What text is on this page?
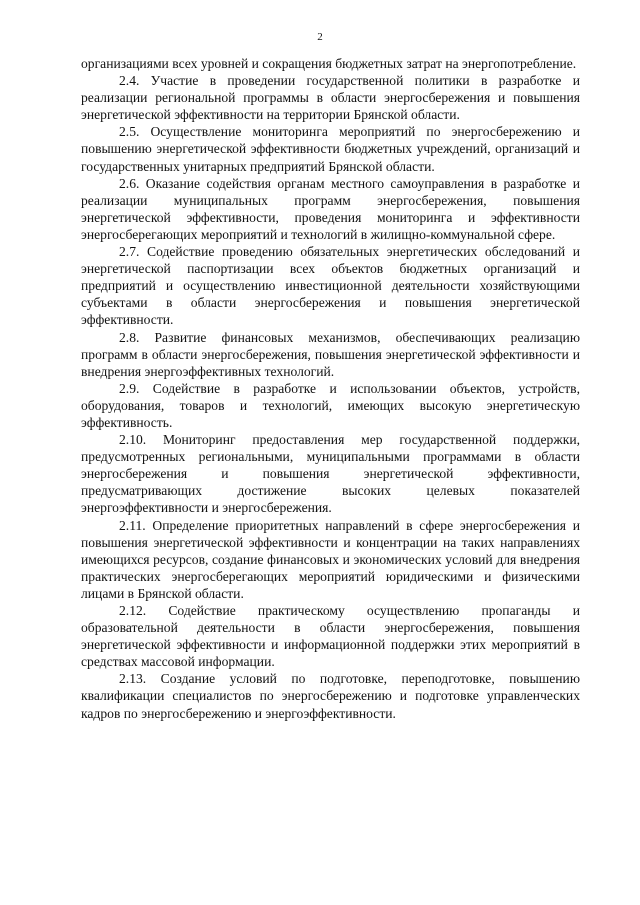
2

организациями всех уровней и сокращения бюджетных затрат на энергопотребление.

2.4. Участие в проведении государственной политики в разработке и реализации региональной программы в области энергосбережения и повышения энергетической эффективности на территории Брянской области.

2.5. Осуществление мониторинга мероприятий по энергосбережению и повышению энергетической эффективности бюджетных учреждений, организаций и государственных унитарных предприятий Брянской области.

2.6. Оказание содействия органам местного самоуправления в разработке и реализации муниципальных программ энергосбережения, повышения энергетической эффективности, проведения мониторинга и эффективности энергосберегающих мероприятий и технологий в жилищно-коммунальной сфере.

2.7. Содействие проведению обязательных энергетических обследований и энергетической паспортизации всех объектов бюджетных организаций и предприятий и осуществлению инвестиционной деятельности хозяйствующими субъектами в области энергосбережения и повышения энергетической эффективности.

2.8. Развитие финансовых механизмов, обеспечивающих реализацию программ в области энергосбережения, повышения энергетической эффективности и внедрения энергоэффективных технологий.

2.9. Содействие в разработке и использовании объектов, устройств, оборудования, товаров и технологий, имеющих высокую энергетическую эффективность.

2.10. Мониторинг предоставления мер государственной поддержки, предусмотренных региональными, муниципальными программами в области энергосбережения и повышения энергетической эффективности, предусматривающих достижение высоких целевых показателей энергоэффективности и энергосбережения.

2.11. Определение приоритетных направлений в сфере энергосбережения и повышения энергетической эффективности и концентрации на таких направлениях имеющихся ресурсов, создание финансовых и экономических условий для внедрения практических энергосберегающих мероприятий юридическими и физическими лицами в Брянской области.

2.12. Содействие практическому осуществлению пропаганды и образовательной деятельности в области энергосбережения, повышения энергетической эффективности и информационной поддержки этих мероприятий в средствах массовой информации.

2.13. Создание условий по подготовке, переподготовке, повышению квалификации специалистов по энергосбережению и подготовке управленческих кадров по энергосбережению и энергоэффективности.
